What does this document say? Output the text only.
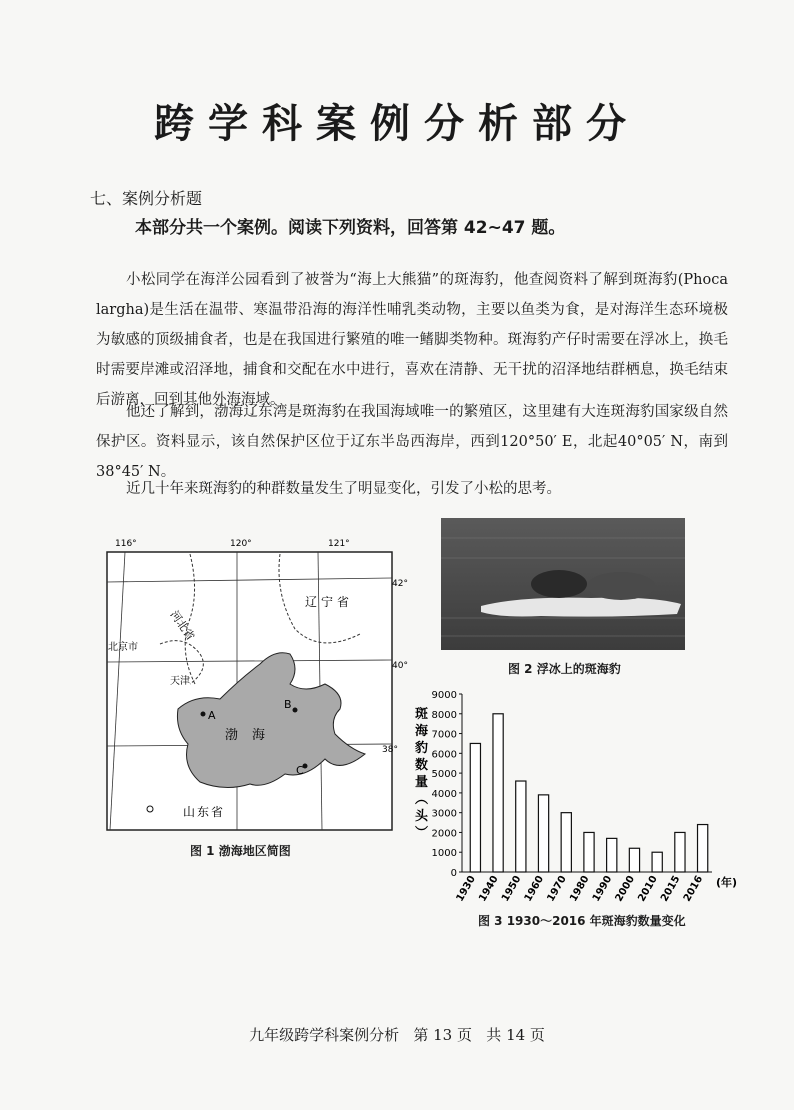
跨学科案例分析部分
七、案例分析题
本部分共一个案例。阅读下列资料，回答第 42~47 题。
小松同学在海洋公园看到了被誉为“海上大熊猫”的斑海豹，他查阅资料了解到斑海豹(Phoca largha)是生活在温带、寒温带沿海的海洋性哺乳类动物，主要以鱼类为食，是对海洋生态环境极为敏感的顶级捕食者，也是在我国进行繁殖的唯一鳍脚类物种。斑海豹产仔时需要在浮冰上，换毛时需要岸滩或沼泽地，捕食和交配在水中进行，喜欢在清静、无干扰的沼泽地结群栖息，换毛结束后游离，回到其他外海海域。
他还了解到，渤海辽东湾是斑海豹在我国海域唯一的繁殖区，这里建有大连斑海豹国家级自然保护区。资料显示，该自然保护区位于辽东半岛西海岸，西到120°50′ E，北起40°05′ N，南到38°45′ N。
近几十年来斑海豹的种群数量发生了明显变化，引发了小松的思考。
A
B
C
116°	120°	121°
42°
40°
38°
辽宁省
河北省
北京市
天津
渤海
山东省
图 1 渤海地区简图
图 2 浮冰上的斑海豹
斑海豹数量︵头︶
0
1000
2000
3000
4000
5000
6000
7000
8000
9000
1930 1940 1950 1960 1970 1980 1990 2000 2010 2015 2016 (年)
图 3 1930～2016 年斑海豹数量变化
九年级跨学科案例分析   第 13 页   共 14 页
